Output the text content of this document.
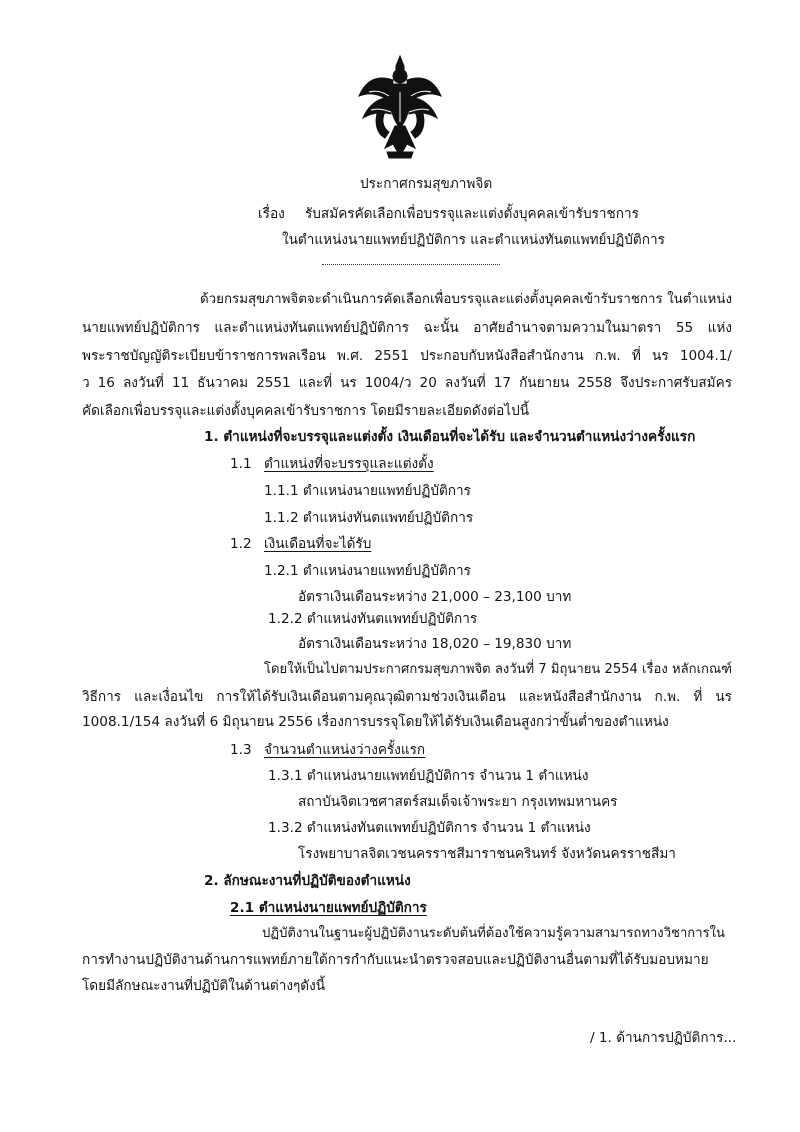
ประกาศกรมสุขภาพจิต
เรื่อง รับสมัครคัดเลือกเพื่อบรรจุและแต่งตั้งบุคคลเข้ารับราชการ
ในตำแหน่งนายแพทย์ปฏิบัติการ และตำแหน่งทันตแพทย์ปฏิบัติการ
ด้วยกรมสุขภาพจิตจะดำเนินการคัดเลือกเพื่อบรรจุและแต่งตั้งบุคคลเข้ารับราชการ ในตำแหน่ง
นายแพทย์ปฏิบัติการ และตำแหน่งทันตแพทย์ปฏิบัติการ ฉะนั้น อาศัยอำนาจตามความในมาตรา 55 แห่ง
พระราชบัญญัติระเบียบข้าราชการพลเรือน พ.ศ. 2551 ประกอบกับหนังสือสำนักงาน ก.พ. ที่ นร 1004.1/
ว 16 ลงวันที่ 11 ธันวาคม 2551 และที่ นร 1004/ว 20 ลงวันที่ 17 กันยายน 2558 จึงประกาศรับสมัคร
คัดเลือกเพื่อบรรจุและแต่งตั้งบุคคลเข้ารับราชการ โดยมีรายละเอียดดังต่อไปนี้
1. ตำแหน่งที่จะบรรจุและแต่งตั้ง เงินเดือนที่จะได้รับ และจำนวนตำแหน่งว่างครั้งแรก
1.1 ตำแหน่งที่จะบรรจุและแต่งตั้ง
1.1.1 ตำแหน่งนายแพทย์ปฏิบัติการ
1.1.2 ตำแหน่งทันตแพทย์ปฏิบัติการ
1.2 เงินเดือนที่จะได้รับ
1.2.1 ตำแหน่งนายแพทย์ปฏิบัติการ
อัตราเงินเดือนระหว่าง 21,000 – 23,100 บาท
1.2.2 ตำแหน่งทันตแพทย์ปฏิบัติการ
อัตราเงินเดือนระหว่าง 18,020 – 19,830 บาท
โดยให้เป็นไปตามประกาศกรมสุขภาพจิต ลงวันที่ 7 มิถุนายน 2554 เรื่อง หลักเกณฑ์
วิธีการ และเงื่อนไข การให้ได้รับเงินเดือนตามคุณวุฒิตามช่วงเงินเดือน และหนังสือสำนักงาน ก.พ. ที่ นร
1008.1/154 ลงวันที่ 6 มิถุนายน 2556 เรื่องการบรรจุโดยให้ได้รับเงินเดือนสูงกว่าขั้นต่ำของตำแหน่ง
1.3 จำนวนตำแหน่งว่างครั้งแรก
1.3.1 ตำแหน่งนายแพทย์ปฏิบัติการ จำนวน 1 ตำแหน่ง
สถาบันจิตเวชศาสตร์สมเด็จเจ้าพระยา กรุงเทพมหานคร
1.3.2 ตำแหน่งทันตแพทย์ปฏิบัติการ จำนวน 1 ตำแหน่ง
โรงพยาบาลจิตเวชนครราชสีมาราชนครินทร์ จังหวัดนครราชสีมา
2. ลักษณะงานที่ปฏิบัติของตำแหน่ง
2.1 ตำแหน่งนายแพทย์ปฏิบัติการ
ปฏิบัติงานในฐานะผู้ปฏิบัติงานระดับต้นที่ต้องใช้ความรู้ความสามารถทางวิชาการใน
การทำงานปฏิบัติงานด้านการแพทย์ภายใต้การกำกับแนะนำตรวจสอบและปฏิบัติงานอื่นตามที่ได้รับมอบหมาย
โดยมีลักษณะงานที่ปฏิบัติในด้านต่างๆดังนี้
/ 1. ด้านการปฏิบัติการ...
